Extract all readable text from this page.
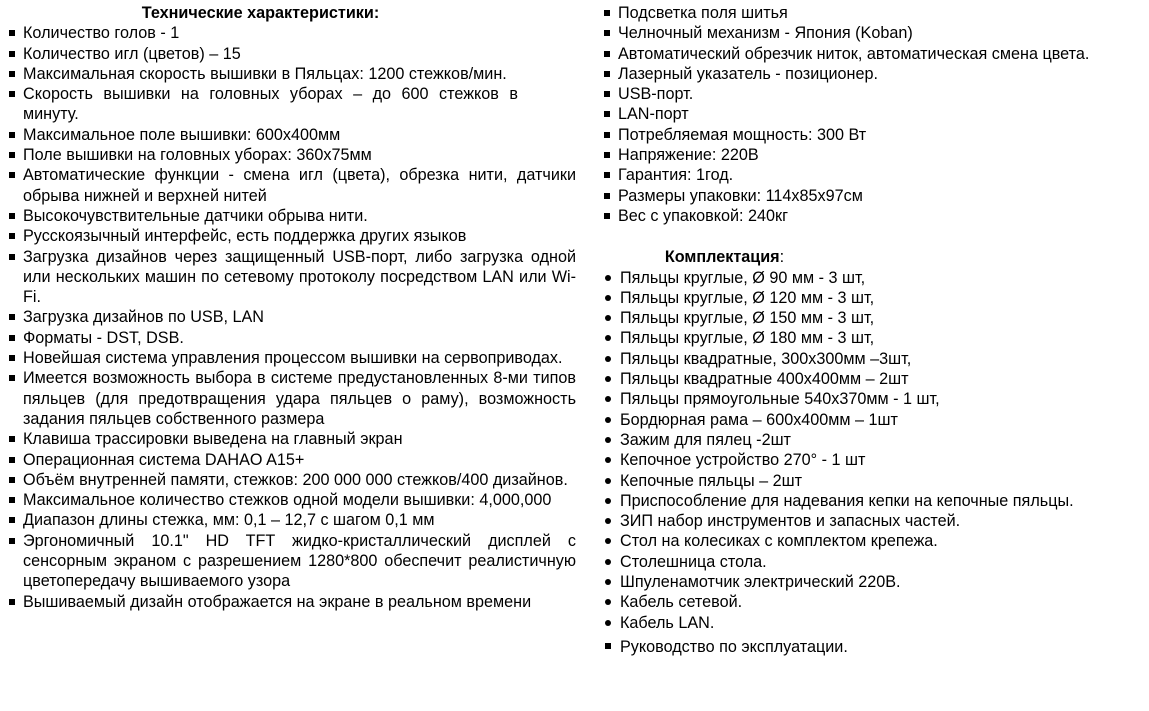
Технические характеристики:
Количество голов - 1
Количество игл (цветов) – 15
Максимальная скорость вышивки в Пяльцах: 1200 стежков/мин.
Скорость вышивки на головных уборах – до 600 стежков в минуту.
Максимальное поле вышивки: 600х400мм
Поле вышивки на головных уборах: 360х75мм
Автоматические функции - смена игл (цвета), обрезка нити, датчики обрыва нижней и верхней нитей
Высокочувствительные датчики обрыва нити.
Русскоязычный интерфейс, есть поддержка других языков
Загрузка дизайнов через защищенный USB-порт, либо загрузка одной или нескольких машин по сетевому протоколу посредством LAN или Wi-Fi.
Загрузка дизайнов по USB, LAN
Форматы - DST, DSB.
Новейшая система управления процессом вышивки на сервоприводах.
Имеется возможность выбора в системе предустановленных 8-ми типов пяльцев (для предотвращения удара пяльцев о раму), возможность задания пяльцев собственного размера
Клавиша трассировки выведена на главный экран
Операционная система DAHAO A15+
Объём внутренней памяти, стежков: 200 000 000 стежков/400 дизайнов.
Максимальное количество стежков одной модели вышивки: 4,000,000
Диапазон длины стежка, мм: 0,1 – 12,7 с шагом 0,1 мм
Эргономичный 10.1" HD TFT жидко-кристаллический дисплей с сенсорным экраном с разрешением 1280*800 обеспечит реалистичную цветопередачу вышиваемого узора
Вышиваемый дизайн отображается на экране в реальном времени
Подсветка поля шитья
Челночный механизм - Япония (Koban)
Автоматический обрезчик ниток, автоматическая смена цвета.
Лазерный указатель - позиционер.
USB-порт.
LAN-порт
Потребляемая мощность: 300 Вт
Напряжение: 220В
Гарантия: 1год.
Размеры упаковки: 114х85х97см
Вес с упаковкой: 240кг
Комплектация:
Пяльцы круглые, Ø 90 мм - 3 шт,
Пяльцы круглые, Ø 120 мм - 3 шт,
Пяльцы круглые, Ø 150 мм - 3 шт,
Пяльцы круглые, Ø 180 мм - 3 шт,
Пяльцы квадратные, 300х300мм –3шт,
Пяльцы квадратные 400х400мм – 2шт
Пяльцы прямоугольные 540х370мм - 1 шт,
Бордюрная рама – 600х400мм – 1шт
Зажим для пялец -2шт
Кепочное устройство 270° - 1 шт
Кепочные пяльцы – 2шт
Приспособление для надевания кепки на кепочные пяльцы.
ЗИП набор инструментов и запасных частей.
Стол на колесиках с комплектом крепежа.
Столешница стола.
Шпуленамотчик электрический 220В.
Кабель сетевой.
Кабель LAN.
Руководство по эксплуатации.
